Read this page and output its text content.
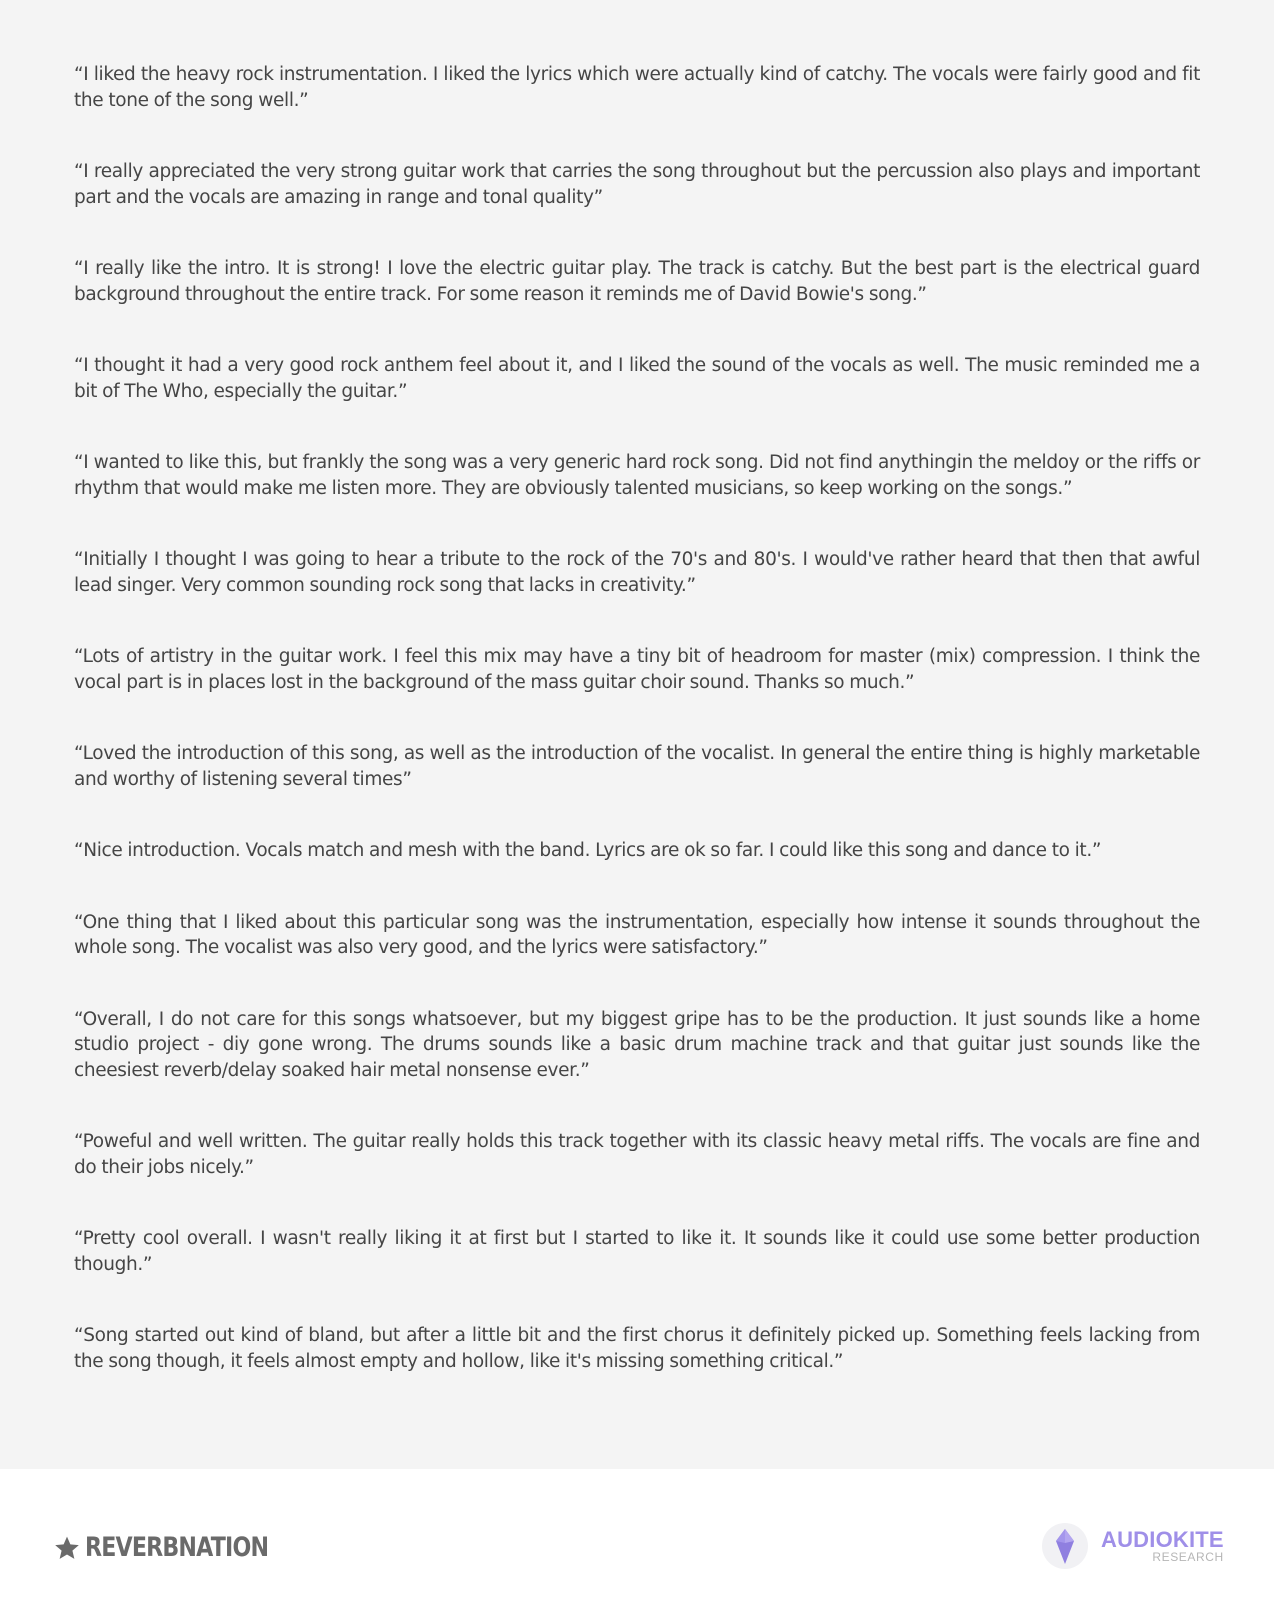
“I liked the heavy rock instrumentation. I liked the lyrics which were actually kind of catchy. The vocals were fairly good and fit the tone of the song well.”
“I really appreciated the very strong guitar work that carries the song throughout but the percussion also plays and important part and the vocals are amazing in range and tonal quality”
“I really like the intro. It is strong! I love the electric guitar play. The track is catchy. But the best part is the electrical guard background throughout the entire track. For some reason it reminds me of David Bowie's song.”
“I thought it had a very good rock anthem feel about it, and I liked the sound of the vocals as well. The music reminded me a bit of The Who, especially the guitar.”
“I wanted to like this, but frankly the song was a very generic hard rock song. Did not find anythingin the meldoy or the riffs or rhythm that would make me listen more. They are obviously talented musicians, so keep working on the songs.”
“Initially I thought I was going to hear a tribute to the rock of the 70's and 80's. I would've rather heard that then that awful lead singer. Very common sounding rock song that lacks in creativity.”
“Lots of artistry in the guitar work. I feel this mix may have a tiny bit of headroom for master (mix) compression. I think the vocal part is in places lost in the background of the mass guitar choir sound. Thanks so much.”
“Loved the introduction of this song, as well as the introduction of the vocalist. In general the entire thing is highly marketable and worthy of listening several times”
“Nice introduction. Vocals match and mesh with the band. Lyrics are ok so far. I could like this song and dance to it.”
“One thing that I liked about this particular song was the instrumentation, especially how intense it sounds throughout the whole song. The vocalist was also very good, and the lyrics were satisfactory.”
“Overall, I do not care for this songs whatsoever, but my biggest gripe has to be the production. It just sounds like a home studio project - diy gone wrong. The drums sounds like a basic drum machine track and that guitar just sounds like the cheesiest reverb/delay soaked hair metal nonsense ever.”
“Poweful and well written. The guitar really holds this track together with its classic heavy metal riffs. The vocals are fine and do their jobs nicely.”
“Pretty cool overall. I wasn't really liking it at first but I started to like it. It sounds like it could use some better production though.”
“Song started out kind of bland, but after a little bit and the first chorus it definitely picked up. Something feels lacking from the song though, it feels almost empty and hollow, like it's missing something critical.”
REVERBNATION	AUDIOKITE
RESEARCH
